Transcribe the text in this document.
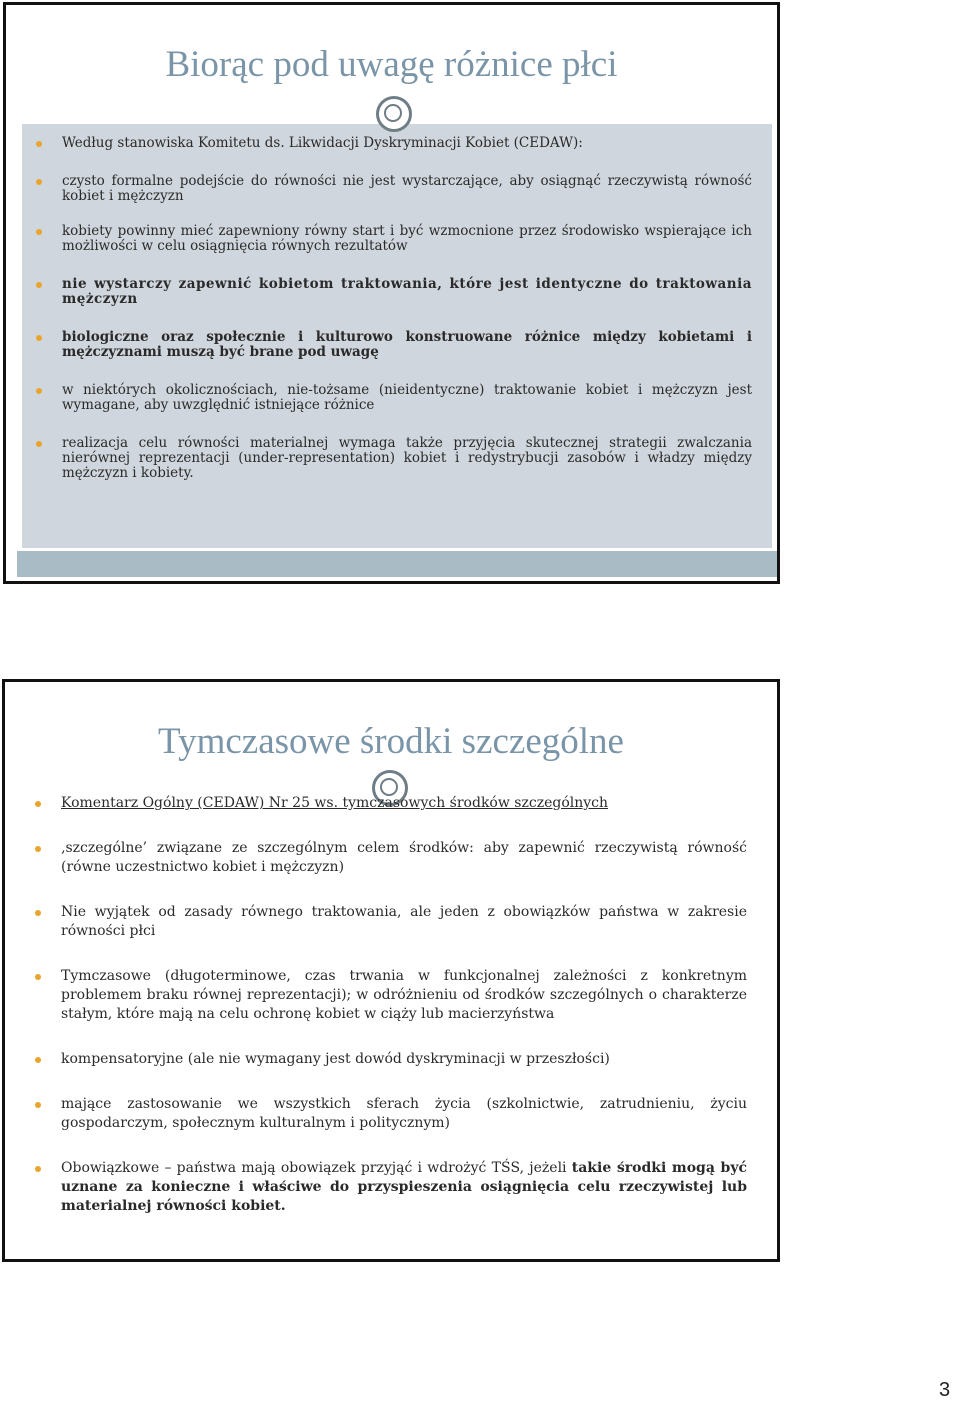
Biorąc pod uwagę różnice płci
Według stanowiska Komitetu ds. Likwidacji Dyskryminacji Kobiet (CEDAW):
czysto formalne podejście do równości nie jest wystarczające, aby osiągnąć rzeczywistą równość kobiet i mężczyzn
kobiety powinny mieć zapewniony równy start i być wzmocnione przez środowisko wspierające ich możliwości w celu osiągnięcia równych rezultatów
nie wystarczy zapewnić kobietom traktowania, które jest identyczne do traktowania mężczyzn
biologiczne oraz społecznie i kulturowo konstruowane różnice między kobietami i mężczyznami muszą być brane pod uwagę
w niektórych okolicznościach, nie-tożsame (nieidentyczne) traktowanie kobiet i mężczyzn jest wymagane, aby uwzględnić istniejące różnice
realizacja celu równości materialnej wymaga także przyjęcia skutecznej strategii zwalczania nierównej reprezentacji (under-representation) kobiet i redystrybucji zasobów i władzy między mężczyzn i kobiety.
Tymczasowe środki szczególne
Komentarz Ogólny (CEDAW) Nr 25 ws. tymczasowych środków szczególnych
‚szczególne’ związane ze szczególnym celem środków: aby zapewnić rzeczywistą równość (równe uczestnictwo kobiet i mężczyzn)
Nie wyjątek od zasady równego traktowania, ale jeden z obowiązków państwa w zakresie równości płci
Tymczasowe (długoterminowe, czas trwania w funkcjonalnej zależności z konkretnym problemem braku równej reprezentacji); w odróżnieniu od środków szczególnych o charakterze stałym, które mają na celu ochronę kobiet w ciąży lub macierzyństwa
kompensatoryjne (ale nie wymagany jest dowód dyskryminacji w przeszłości)
mające zastosowanie we wszystkich sferach życia (szkolnictwie, zatrudnieniu, życiu gospodarczym, społecznym kulturalnym i politycznym)
Obowiązkowe – państwa mają obowiązek przyjąć i wdrożyć TŚS, jeżeli takie środki mogą być uznane za konieczne i właściwe do przyspieszenia osiągnięcia celu rzeczywistej lub materialnej równości kobiet.
3
